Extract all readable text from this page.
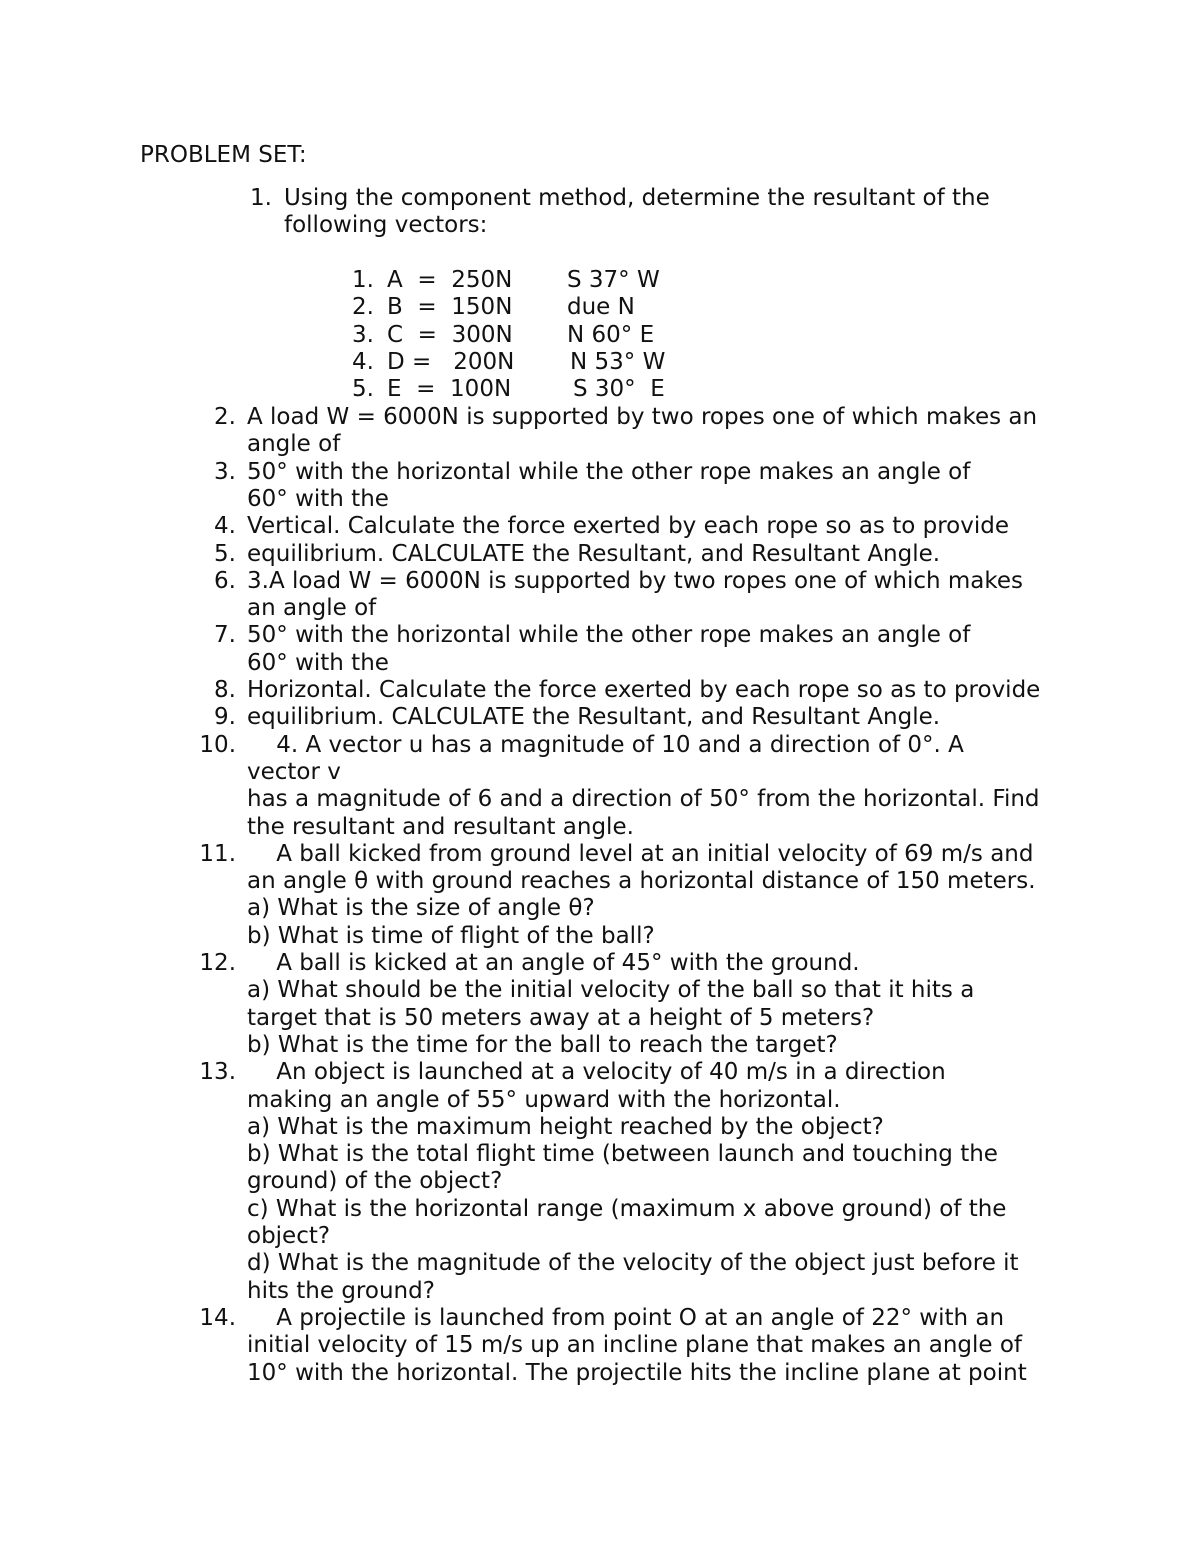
PROBLEM SET:
1. Using the component method, determine the resultant of the
following vectors:
1. A  =  250N S 37° W
2. B  =  150N due N
3. C  =  300N N 60° E
4. D =   200N N 53° W
5. E  =  100N	S 30°  E
2. A load W = 6000N is supported by two ropes one of which makes an
angle of
3. 50° with the horizontal while the other rope makes an angle of
60° with the
4. Vertical. Calculate the force exerted by each rope so as to provide
5. equilibrium. CALCULATE the Resultant, and Resultant Angle.
6. 3.A load W = 6000N is supported by two ropes one of which makes
an angle of
7. 50° with the horizontal while the other rope makes an angle of
60° with the
8. Horizontal. Calculate the force exerted by each rope so as to provide
9. equilibrium. CALCULATE the Resultant, and Resultant Angle.
10. 4. A vector u has a magnitude of 10 and a direction of 0°. A
vector v
has a magnitude of 6 and a direction of 50° from the horizontal. Find
the resultant and resultant angle.
11. A ball kicked from ground level at an initial velocity of 69 m/s and
an angle θ with ground reaches a horizontal distance of 150 meters.
a) What is the size of angle θ?
b) What is time of flight of the ball?
12. A ball is kicked at an angle of 45° with the ground.
a) What should be the initial velocity of the ball so that it hits a
target that is 50 meters away at a height of 5 meters?
b) What is the time for the ball to reach the target?
13. An object is launched at a velocity of 40 m/s in a direction
making an angle of 55° upward with the horizontal.
a) What is the maximum height reached by the object?
b) What is the total flight time (between launch and touching the
ground) of the object?
c) What is the horizontal range (maximum x above ground) of the
object?
d) What is the magnitude of the velocity of the object just before it
hits the ground?
14. A projectile is launched from point O at an angle of 22° with an
initial velocity of 15 m/s up an incline plane that makes an angle of
10° with the horizontal. The projectile hits the incline plane at point
